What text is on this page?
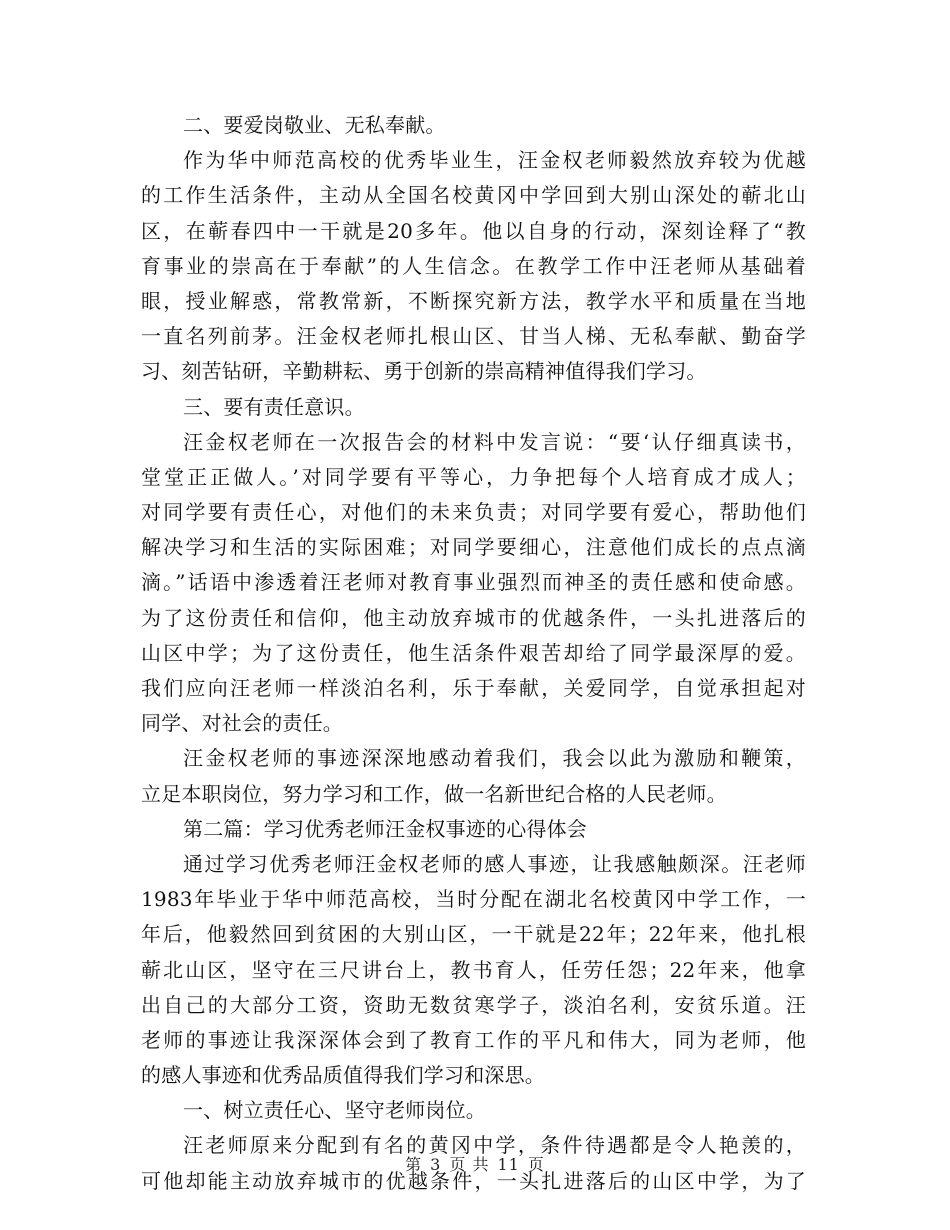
二、要爱岗敬业、无私奉献。
作为华中师范高校的优秀毕业生，汪金权老师毅然放弃较为优越
的工作生活条件，主动从全国名校黄冈中学回到大别山深处的蕲北山
区，在蕲春四中一干就是20多年。他以自身的行动，深刻诠释了“教
育事业的崇高在于奉献”的人生信念。在教学工作中汪老师从基础着
眼，授业解惑，常教常新，不断探究新方法，教学水平和质量在当地
一直名列前茅。汪金权老师扎根山区、甘当人梯、无私奉献、勤奋学
习、刻苦钻研，辛勤耕耘、勇于创新的崇高精神值得我们学习。
三、要有责任意识。
汪金权老师在一次报告会的材料中发言说：“要‘认仔细真读书，
堂堂正正做人。’对同学要有平等心，力争把每个人培育成才成人；
对同学要有责任心，对他们的未来负责；对同学要有爱心，帮助他们
解决学习和生活的实际困难；对同学要细心，注意他们成长的点点滴
滴。”话语中渗透着汪老师对教育事业强烈而神圣的责任感和使命感。
为了这份责任和信仰，他主动放弃城市的优越条件，一头扎进落后的
山区中学；为了这份责任，他生活条件艰苦却给了同学最深厚的爱。
我们应向汪老师一样淡泊名利，乐于奉献，关爱同学，自觉承担起对
同学、对社会的责任。
汪金权老师的事迹深深地感动着我们，我会以此为激励和鞭策，
立足本职岗位，努力学习和工作，做一名新世纪合格的人民老师。
第二篇：学习优秀老师汪金权事迹的心得体会
通过学习优秀老师汪金权老师的感人事迹，让我感触颇深。汪老师
1983年毕业于华中师范高校，当时分配在湖北名校黄冈中学工作，一
年后，他毅然回到贫困的大别山区，一干就是22年；22年来，他扎根
蕲北山区，坚守在三尺讲台上，教书育人，任劳任怨；22年来，他拿
出自己的大部分工资，资助无数贫寒学子，淡泊名利，安贫乐道。汪
老师的事迹让我深深体会到了教育工作的平凡和伟大，同为老师，他
的感人事迹和优秀品质值得我们学习和深思。
一、树立责任心、坚守老师岗位。
汪老师原来分配到有名的黄冈中学，条件待遇都是令人艳羡的，
可他却能主动放弃城市的优越条件，一头扎进落后的山区中学，为了
第 3 页 共 11 页
